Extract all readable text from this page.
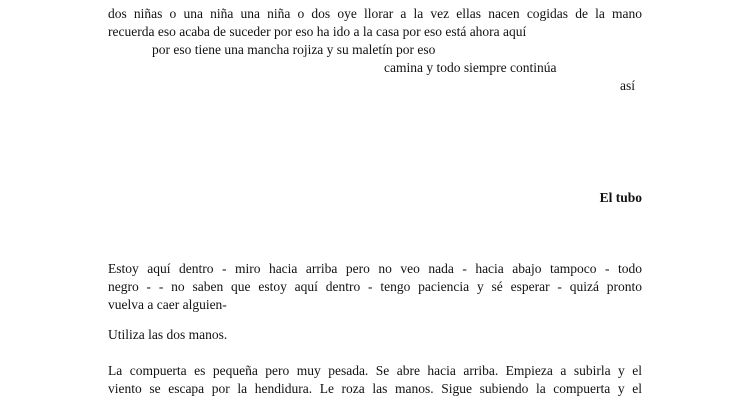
dos niñas o una niña una niña o dos oye llorar a la vez ellas nacen cogidas de la mano
recuerda eso acaba de suceder por eso ha ido a la casa por eso está ahora aquí
por eso tiene una mancha rojiza y su maletín por eso
camina y todo siempre continúa
así
El tubo
Estoy aquí dentro - miro hacia arriba pero no veo nada - hacia abajo tampoco - todo
negro - - no saben que estoy aquí dentro - tengo paciencia y sé esperar - quizá pronto
vuelva a caer alguien-
Utiliza las dos manos.
La compuerta es pequeña pero muy pesada. Se abre hacia arriba. Empieza a subirla y el
viento se escapa por la hendidura. Le roza las manos. Sigue subiendo la compuerta y el
